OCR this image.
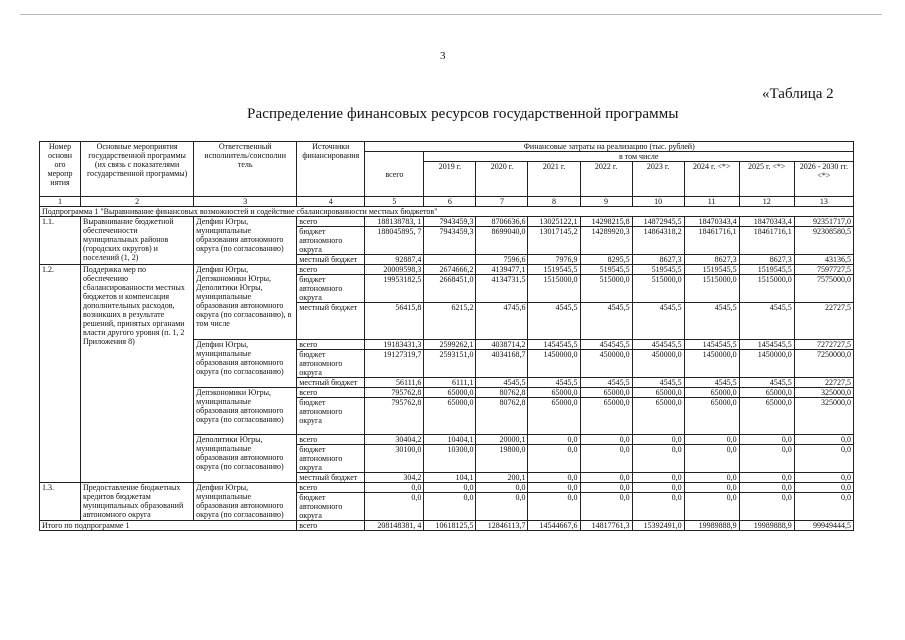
3
«Таблица 2
Распределение финансовых ресурсов государственной программы
Номер основн ого меропр иятия	Основные мероприятия государственной программы (их связь с показателями государственной программы)	Ответственный исполнитель/соисполни тель	Источники финансирования	Финансовые затраты на реализацию (тыс. рублей)								
				всего	в том числе							
					2019 г.	2020 г.	2021 г.	2022 г.	2023 г.	2024 г. <*>	2025 г. <*>	2026 - 2030 гг. <*>
1	2	3	4	5	6	7	8	9	10	11	12	13
Подпрограмма 1 "Выравнивание финансовых возможностей и содействие сбалансированности местных бюджетов"												
1.1.	Выравнивание бюджетной обеспеченности муниципальных районов (городских округов) и поселений (1, 2)	Депфин Югры, муниципальные образования автономного округа (по согласованию)	всего	188138783, 1	7943459,3	8706636,6	13025122,1	14298215,8	14872945,5	18470343,4	18470343,4	92351717,0
			бюджет автономного округа	188045895, 7	7943459,3	8699040,0	13017145,2	14289920,3	14864318,2	18461716,1	18461716,1	92308580,5
			местный бюджет	92887,4		7596,6	7976,9	8295,5	8627,3	8627,3	8627,3	43136,5
1.2.	Поддержка мер по обеспечению сбалансированности местных бюджетов и компенсация дополнительных расходов, возникших в результате решений, принятых органами власти другого уровня (п. 1, 2 Приложения 8)	Депфин Югры, Депэкономики Югры, Деполитики Югры, муниципальные образования автономного округа (по согласованию), в том числе	всего	20009598,3	2674666,2	4139477,1	1519545,5	519545,5	519545,5	1519545,5	1519545,5	7597727,5
			бюджет автономного округа	19953182,5	2668451,0	4134731,5	1515000,0	515000,0	515000,0	1515000,0	1515000,0	7575000,0
			местный бюджет	56415,8	6215,2	4745,6	4545,5	4545,5	4545,5	4545,5	4545,5	22727,5
		Депфин Югры, муниципальные образования автономного округа (по согласованию)	всего	19183431,3	2599262,1	4038714,2	1454545,5	454545,5	454545,5	1454545,5	1454545,5	7272727,5
			бюджет автономного округа	19127319,7	2593151,0	4034168,7	1450000,0	450000,0	450000,0	1450000,0	1450000,0	7250000,0
			местный бюджет	56111,6	6111,1	4545,5	4545,5	4545,5	4545,5	4545,5	4545,5	22727,5
		Депэкономики Югры, муниципальные образования автономного округа (по согласованию)	всего	795762,8	65000,0	80762,8	65000,0	65000,0	65000,0	65000,0	65000,0	325000,0
			бюджет автономного округа	795762,8	65000,0	80762,8	65000,0	65000,0	65000,0	65000,0	65000,0	325000,0
		Деполитики Югры, муниципальные образования автономного округа (по согласованию)	всего	30404,2	10404,1	20000,1	0,0	0,0	0,0	0,0	0,0	0,0
			бюджет автономного округа	30100,0	10300,0	19800,0	0,0	0,0	0,0	0,0	0,0	0,0
			местный бюджет	304,2	104,1	200,1	0,0	0,0	0,0	0,0	0,0	0,0
1.3.	Предоставление бюджетных кредитов бюджетам муниципальных образований автономного округа	Депфин Югры, муниципальные образования автономного округа (по согласованию)	всего	0,0	0,0	0,0	0,0	0,0	0,0	0,0	0,0	0,0
			бюджет автономного округа	0,0	0,0	0,0	0,0	0,0	0,0	0,0	0,0	0,0
Итого по подпрограмме 1			всего	208148381, 4	10618125,5	12846113,7	14544667,6	14817761,3	15392491,0	19989888,9	19989888,9	99949444,5
